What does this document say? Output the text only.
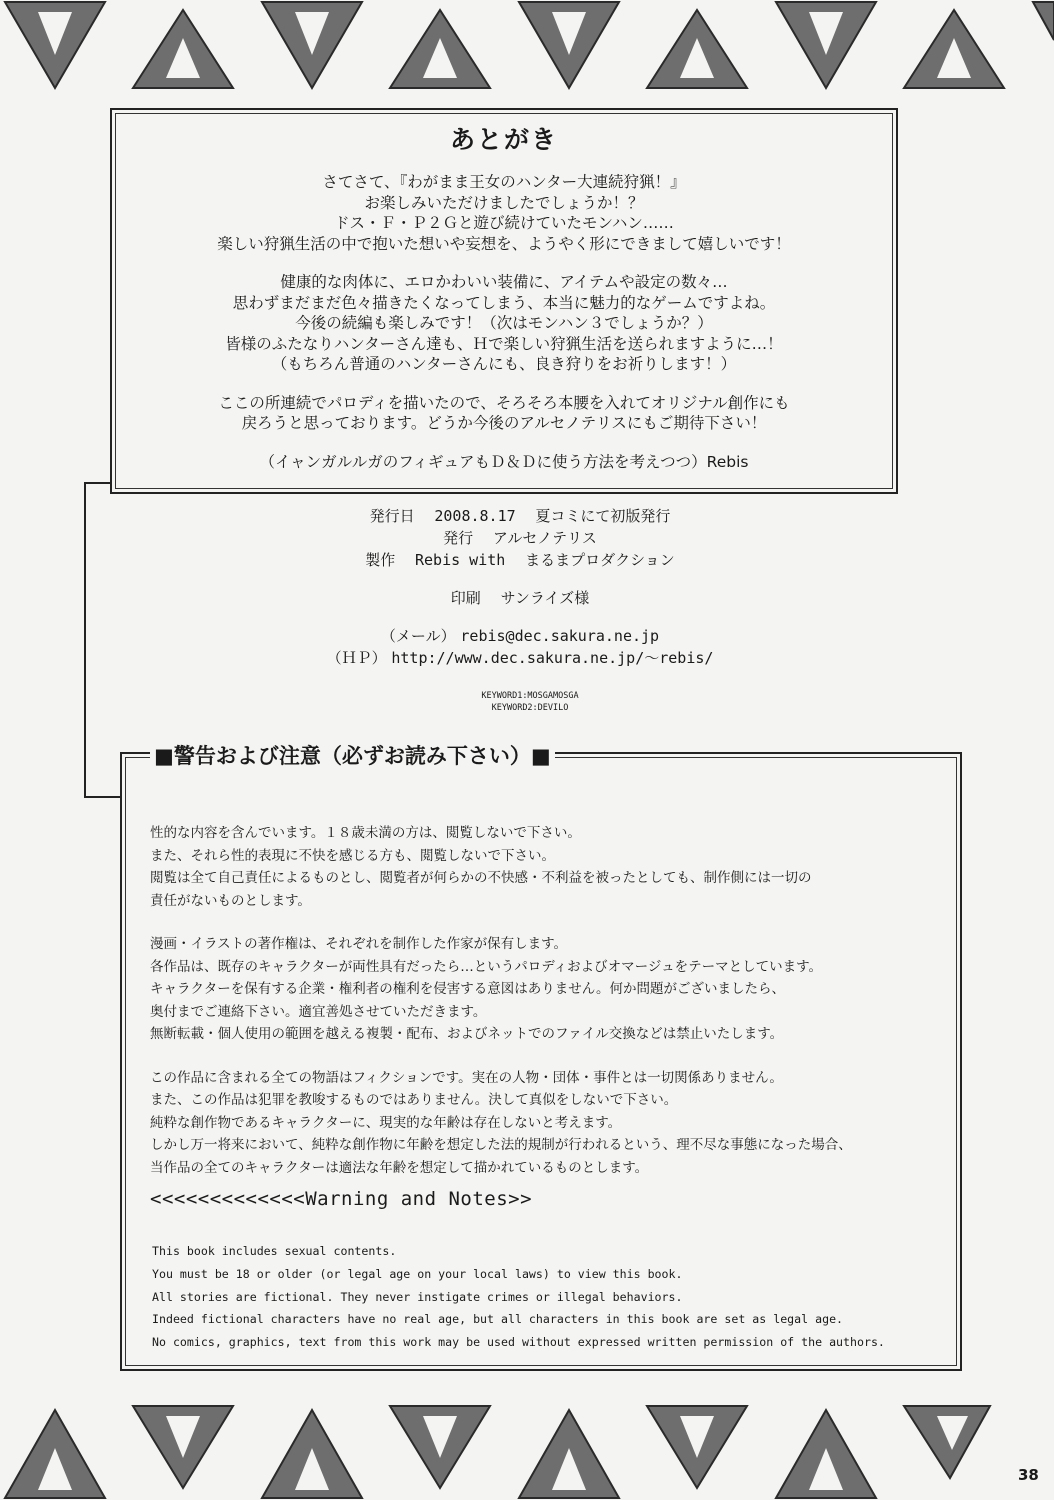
あとがき

さてさて、『わがまま王女のハンター大連続狩猟！』

お楽しみいただけましたでしょうか！？

ドス・Ｆ・Ｐ２Ｇと遊び続けていたモンハン……

楽しい狩猟生活の中で抱いた想いや妄想を、ようやく形にできまして嬉しいです！

健康的な肉体に、エロかわいい装備に、アイテムや設定の数々…

思わずまだまだ色々描きたくなってしまう、本当に魅力的なゲームですよね。

今後の続編も楽しみです！（次はモンハン３でしょうか？）

皆様のふたなりハンターさん達も、Ｈで楽しい狩猟生活を送られますように…！

（もちろん普通のハンターさんにも、良き狩りをお祈りします！）

ここの所連続でパロディを描いたので、そろそろ本腰を入れてオリジナル創作にも

戻ろうと思っております。どうか今後のアルセノテリスにもご期待下さい！

（イャンガルルガのフィギュアもＤ＆Ｄに使う方法を考えつつ）Rebis

発行日　 2008.8.17　 夏コミにて初版発行

発行　 アルセノテリス

製作　 Rebis with　 まるまプロダクション

印刷　 サンライズ様

（メール） rebis@dec.sakura.ne.jp

（ＨＰ） http://www.dec.sakura.ne.jp/～rebis/

KEYWORD1:MOSGAMOSGA

KEYWORD2:DEVILO

■警告および注意（必ずお読み下さい）■

性的な内容を含んでいます。１８歳未満の方は、閲覧しないで下さい。

また、それら性的表現に不快を感じる方も、閲覧しないで下さい。

閲覧は全て自己責任によるものとし、閲覧者が何らかの不快感・不利益を被ったとしても、制作側には一切の

責任がないものとします。

漫画・イラストの著作権は、それぞれを制作した作家が保有します。

各作品は、既存のキャラクターが両性具有だったら…というパロディおよびオマージュをテーマとしています。

キャラクターを保有する企業・権利者の権利を侵害する意図はありません。何か問題がございましたら、

奥付までご連絡下さい。適宜善処させていただきます。

無断転載・個人使用の範囲を越える複製・配布、およびネットでのファイル交換などは禁止いたします。

この作品に含まれる全ての物語はフィクションです。実在の人物・団体・事件とは一切関係ありません。

また、この作品は犯罪を教唆するものではありません。決して真似をしないで下さい。

純粋な創作物であるキャラクターに、現実的な年齢は存在しないと考えます。

しかし万一将来において、純粋な創作物に年齢を想定した法的規制が行われるという、理不尽な事態になった場合、

当作品の全てのキャラクターは適法な年齢を想定して描かれているものとします。

<<<<<<<<<<<<<Warning and Notes>>

This book includes sexual contents.

You must be 18 or older (or legal age on your local laws) to view this book.

All stories are fictional. They never instigate crimes or illegal behaviors.

Indeed fictional characters have no real age, but all characters in this book are set as legal age.

No comics, graphics, text from this work may be used without expressed written permission of the authors.

38
